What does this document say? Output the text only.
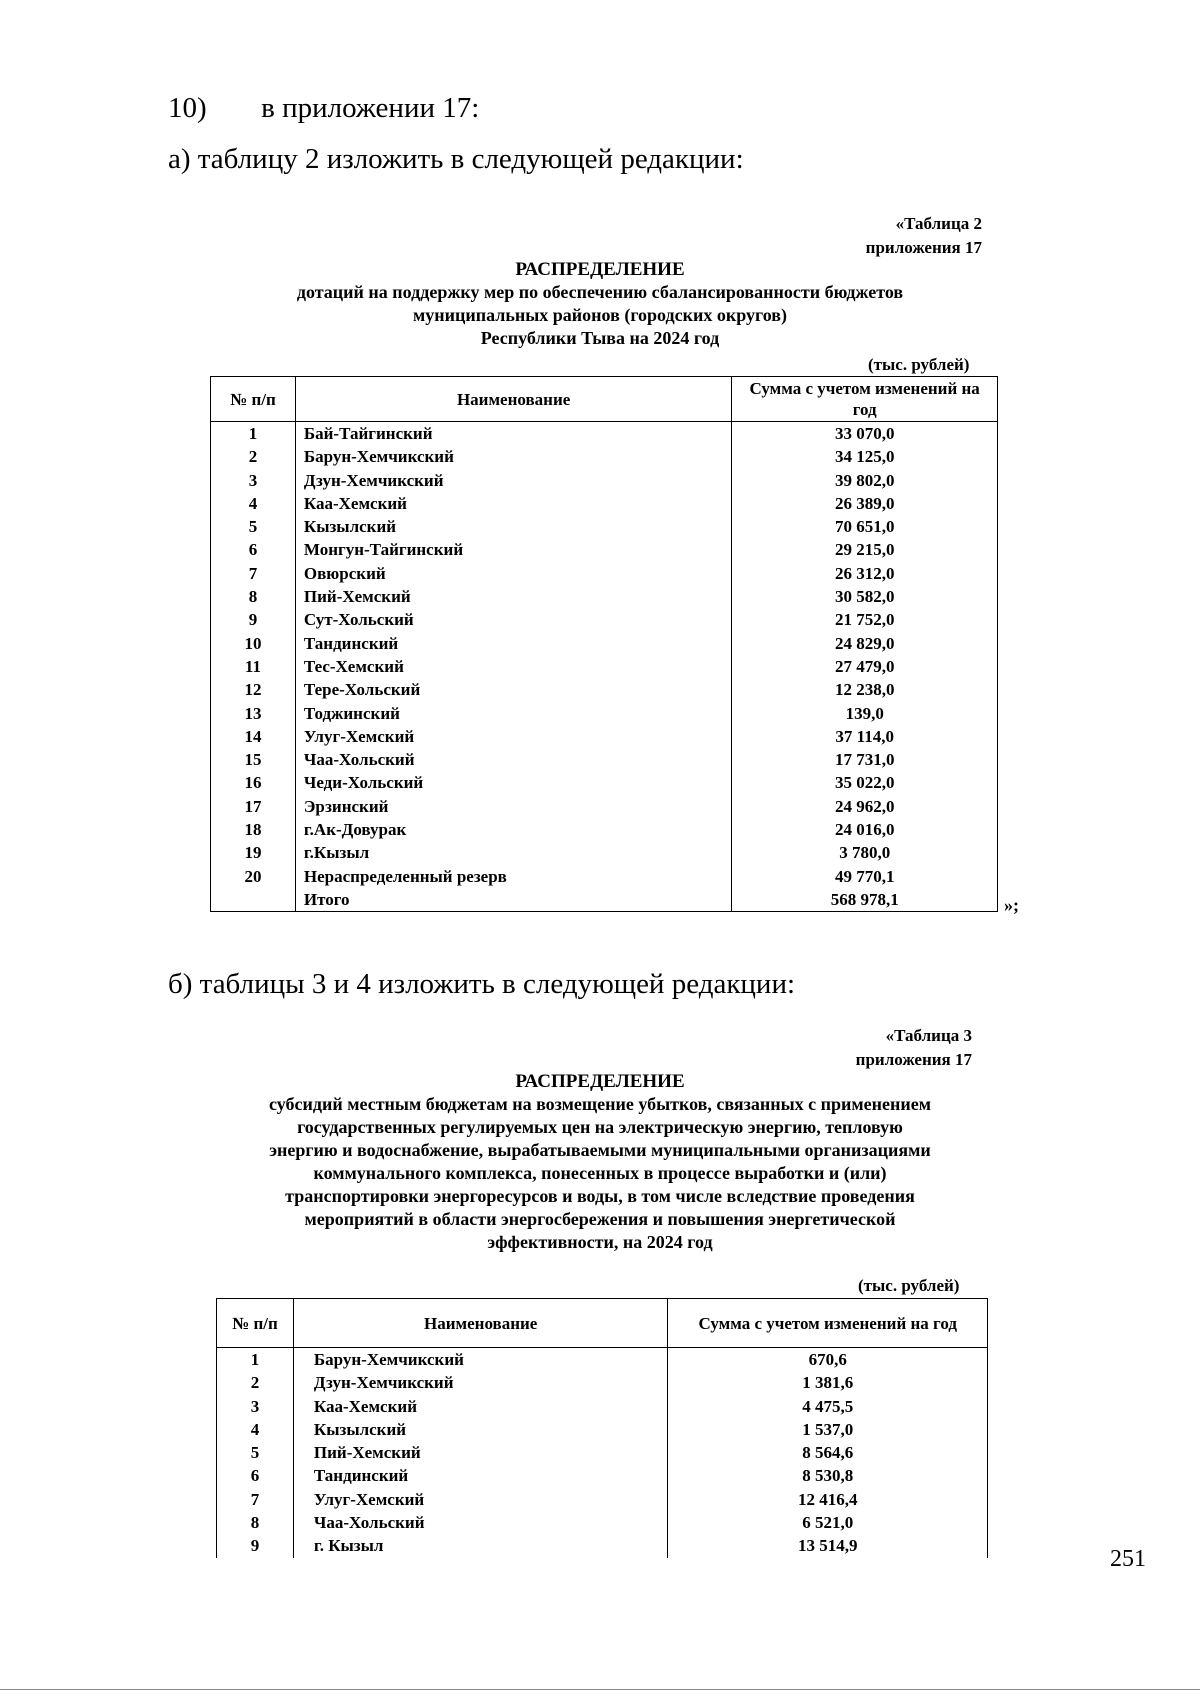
10) в приложении 17:
а) таблицу 2 изложить в следующей редакции:
«Таблица 2
приложения 17
РАСПРЕДЕЛЕНИЕ
дотаций на поддержку мер по обеспечению сбалансированности бюджетов
муниципальных районов (городских округов)
Республики Тыва на 2024 год
(тыс. рублей)
№ п/п	Наименование	Сумма с учетом изменений на год
1	Бай-Тайгинский	33 070,0
2	Барун-Хемчикский	34 125,0
3	Дзун-Хемчикский	39 802,0
4	Каа-Хемский	26 389,0
5	Кызылский	70 651,0
6	Монгун-Тайгинский	29 215,0
7	Овюрский	26 312,0
8	Пий-Хемский	30 582,0
9	Сут-Хольский	21 752,0
10	Тандинский	24 829,0
11	Тес-Хемский	27 479,0
12	Тере-Хольский	12 238,0
13	Тоджинский	139,0
14	Улуг-Хемский	37 114,0
15	Чаа-Хольский	17 731,0
16	Чеди-Хольский	35 022,0
17	Эрзинский	24 962,0
18	г.Ак-Довурак	24 016,0
19	г.Кызыл	3 780,0
20	Нераспределенный резерв	49 770,1
	Итого	568 978,1	»;
б) таблицы 3 и 4 изложить в следующей редакции:
«Таблица 3
приложения 17
РАСПРЕДЕЛЕНИЕ
субсидий местным бюджетам на возмещение убытков, связанных с применением
государственных регулируемых цен на электрическую энергию, тепловую
энергию и водоснабжение, вырабатываемыми муниципальными организациями
коммунального комплекса, понесенных в процессе выработки и (или)
транспортировки энергоресурсов и воды, в том числе вследствие проведения
мероприятий в области энергосбережения и повышения энергетической
эффективности, на 2024 год
(тыс. рублей)
№ п/п	Наименование	Сумма с учетом изменений на год
1	Барун-Хемчикский	670,6
2	Дзун-Хемчикский	1 381,6
3	Каа-Хемский	4 475,5
4	Кызылский	1 537,0
5	Пий-Хемский	8 564,6
6	Тандинский	8 530,8
7	Улуг-Хемский	12 416,4
8	Чаа-Хольский	6 521,0
9	г. Кызыл	13 514,9
251
